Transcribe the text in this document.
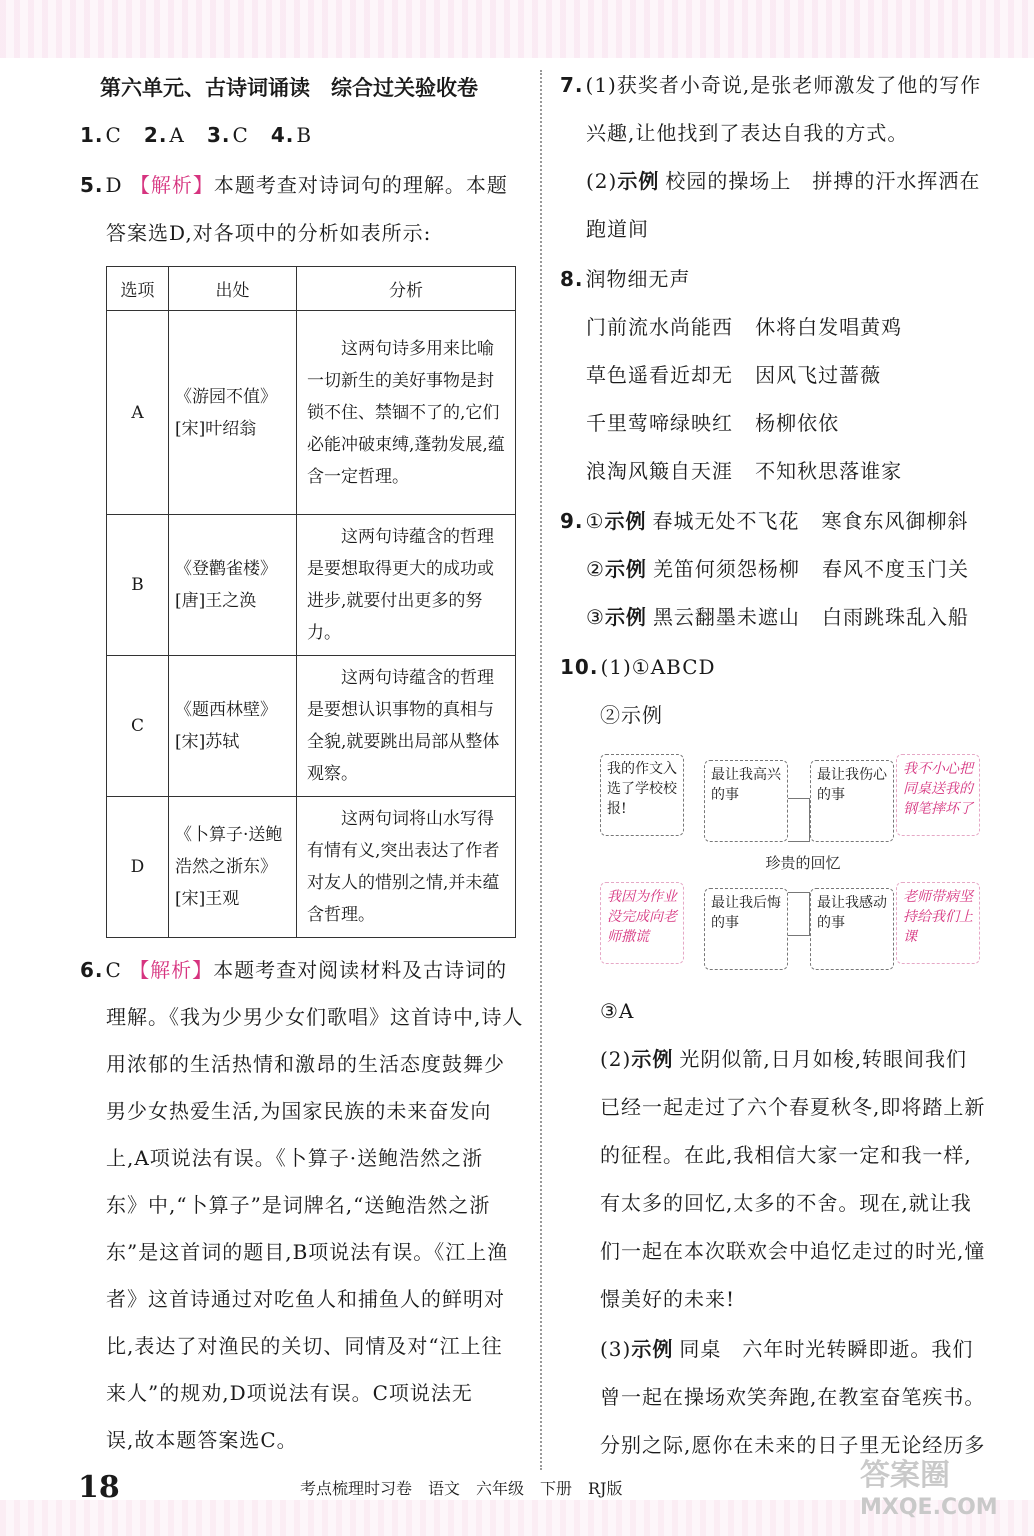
第六单元、古诗词诵读　综合过关验收卷
1. C 2. A 3. C 4. B
5. D 【解析】本题考查对诗词句的理解。本题
答案选D,对各项中的分析如表所示:
选项	出处	分析
A	《游园不值》[宋]叶绍翁	这两句诗多用来比喻一切新生的美好事物是封锁不住、禁锢不了的,它们必能冲破束缚,蓬勃发展,蕴含一定哲理。
B	《登鹳雀楼》[唐]王之涣	这两句诗蕴含的哲理是要想取得更大的成功或进步,就要付出更多的努力。
C	《题西林壁》[宋]苏轼	这两句诗蕴含的哲理是要想认识事物的真相与全貌,就要跳出局部从整体观察。
D	《卜算子·送鲍浩然之浙东》[宋]王观	这两句词将山水写得有情有义,突出表达了作者对友人的惜别之情,并未蕴含哲理。
6. C 【解析】本题考查对阅读材料及古诗词的
理解。《我为少男少女们歌唱》这首诗中,诗人
用浓郁的生活热情和激昂的生活态度鼓舞少
男少女热爱生活,为国家民族的未来奋发向
上,A项说法有误。《卜算子·送鲍浩然之浙
东》中,“卜算子”是词牌名,“送鲍浩然之浙
东”是这首词的题目,B项说法有误。《江上渔
者》这首诗通过对吃鱼人和捕鱼人的鲜明对
比,表达了对渔民的关切、同情及对“江上往
来人”的规劝,D项说法有误。C项说法无
误,故本题答案选C。
7. (1)获奖者小奇说,是张老师激发了他的写作
兴趣,让他找到了表达自我的方式。
(2)示例 校园的操场上　拼搏的汗水挥洒在
跑道间
8. 润物细无声
门前流水尚能西 休将白发唱黄鸡
草色遥看近却无 因风飞过蔷薇
千里莺啼绿映红 杨柳依依
浪淘风簸自天涯 不知秋思落谁家
9. ①示例 春城无处不飞花 寒食东风御柳斜
②示例 羌笛何须怨杨柳 春风不度玉门关
③示例 黑云翻墨未遮山 白雨跳珠乱入船
10. (1)①ABCD
②示例
我的作文入选了学校校报!
最让我高兴的事
最让我伤心的事
我不小心把同桌送我的钢笔摔坏了
珍贵的回忆
我因为作业没完成向老师撒谎
最让我后悔的事
最让我感动的事
老师带病坚持给我们上课
③A
(2)示例 光阴似箭,日月如梭,转眼间我们
已经一起走过了六个春夏秋冬,即将踏上新
的征程。在此,我相信大家一定和我一样,
有太多的回忆,太多的不舍。现在,就让我
们一起在本次联欢会中追忆走过的时光,憧
憬美好的未来!
(3)示例 同桌　六年时光转瞬即逝。我们
曾一起在操场欢笑奔跑,在教室奋笔疾书。
分别之际,愿你在未来的日子里无论经历多
18	考点梳理时习卷　语文　六年级　下册　RJ版	答案圈
MXQE.COM
